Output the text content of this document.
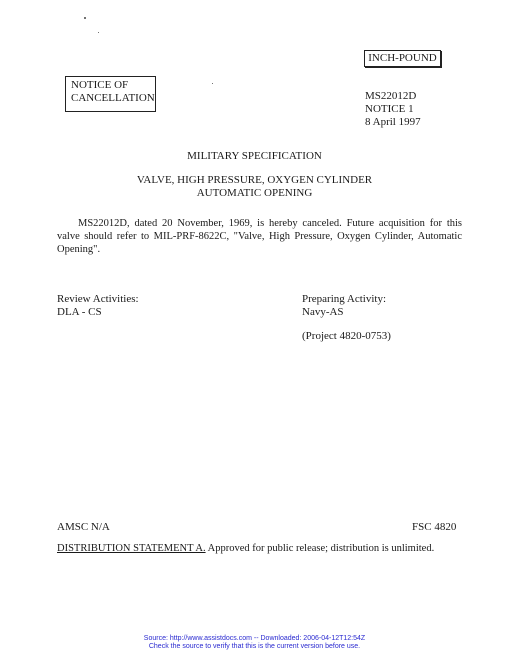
INCH-POUND
NOTICE OF
CANCELLATION	MS22012D
NOTICE 1
8 April 1997
MILITARY SPECIFICATION
VALVE, HIGH PRESSURE, OXYGEN CYLINDER
AUTOMATIC OPENING
MS22012D, dated 20 November, 1969, is hereby canceled. Future acquisition for this valve should refer to MIL-PRF-8622C, "Valve, High Pressure, Oxygen Cylinder, Automatic Opening".
Review Activities:
DLA - CS
Preparing Activity:
Navy-AS
(Project 4820-0753)
AMSC N/A	FSC 4820
DISTRIBUTION STATEMENT A. Approved for public release; distribution is unlimited.
Source: http://www.assistdocs.com -- Downloaded: 2006-04-12T12:54Z
Check the source to verify that this is the current version before use.
